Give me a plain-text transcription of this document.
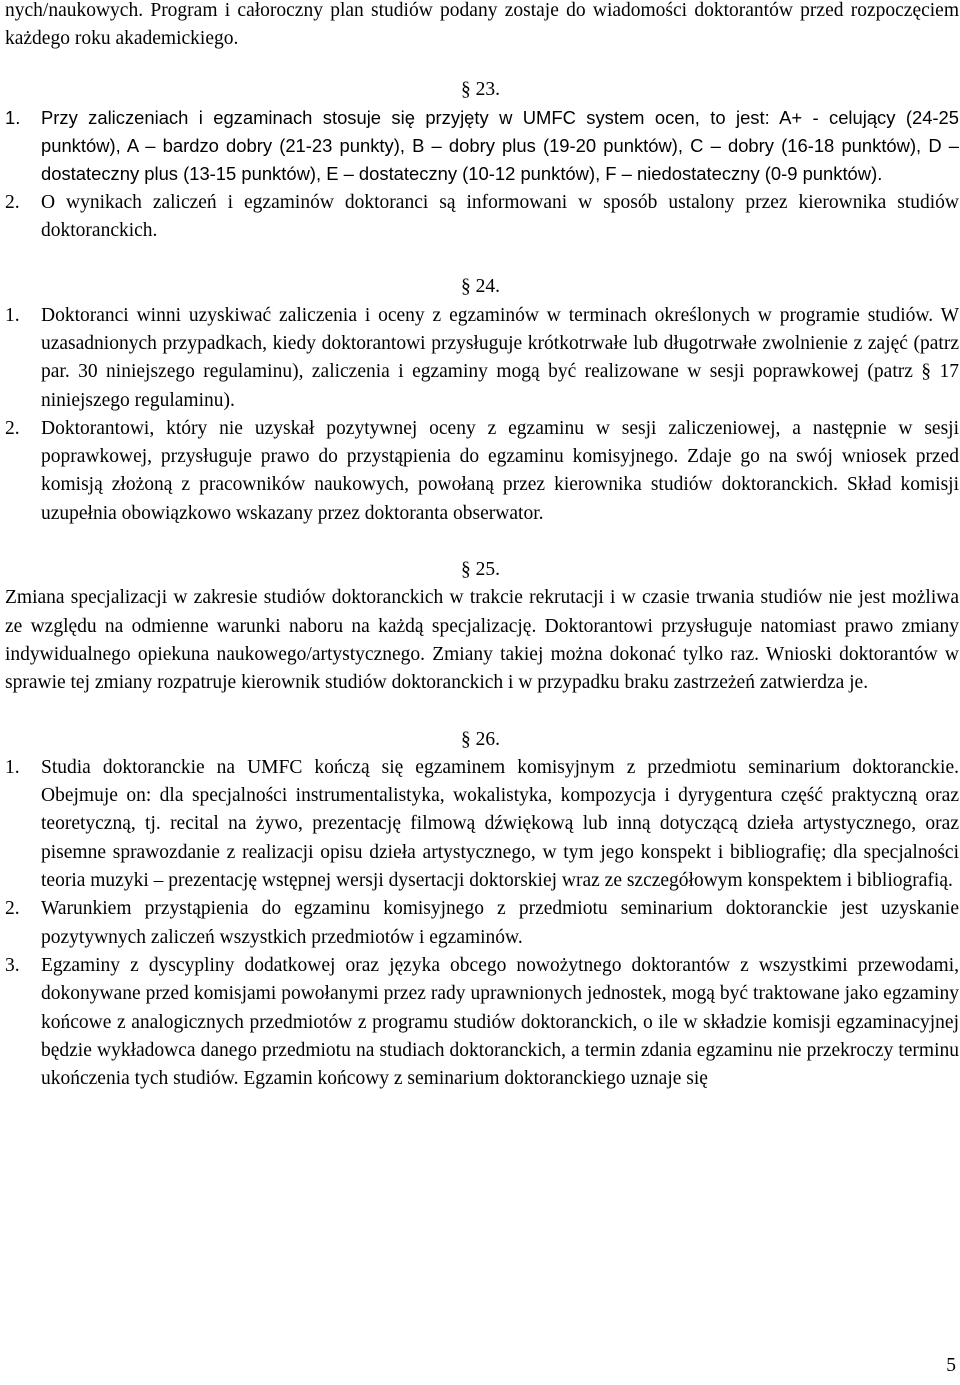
nych/naukowych. Program i całoroczny plan studiów podany zostaje do wiadomości doktorantów przed rozpoczęciem każdego roku akademickiego.

§ 23.

1. Przy zaliczeniach i egzaminach stosuje się przyjęty w UMFC system ocen, to jest: A+ - celujący (24-25 punktów), A – bardzo dobry (21-23 punkty), B – dobry plus (19-20 punktów), C – dobry (16-18 punktów), D – dostateczny plus (13-15 punktów), E – dostateczny (10-12 punktów), F – niedostateczny (0-9 punktów).
2. O wynikach zaliczeń i egzaminów doktoranci są informowani w sposób ustalony przez kierownika studiów doktoranckich.

§ 24.

1. Doktoranci winni uzyskiwać zaliczenia i oceny z egzaminów w terminach określonych w programie studiów. W uzasadnionych przypadkach, kiedy doktorantowi przysługuje krótkotrwałe lub długotrwałe zwolnienie z zajęć (patrz par. 30 niniejszego regulaminu), zaliczenia i egzaminy mogą być realizowane w sesji poprawkowej (patrz § 17 niniejszego regulaminu).
2. Doktorantowi, który nie uzyskał pozytywnej oceny z egzaminu w sesji zaliczeniowej, a następnie w sesji poprawkowej, przysługuje prawo do przystąpienia do egzaminu komisyjnego. Zdaje go na swój wniosek przed komisją złożoną z pracowników naukowych, powołaną przez kierownika studiów doktoranckich. Skład komisji uzupełnia obowiązkowo wskazany przez doktoranta obserwator.

§ 25.

Zmiana specjalizacji w zakresie studiów doktoranckich w trakcie rekrutacji i w czasie trwania studiów nie jest możliwa ze względu na odmienne warunki naboru na każdą specjalizację. Doktorantowi przysługuje natomiast prawo zmiany indywidualnego opiekuna naukowego/artystycznego. Zmiany takiej można dokonać tylko raz. Wnioski doktorantów w sprawie tej zmiany rozpatruje kierownik studiów doktoranckich i w przypadku braku zastrzeżeń zatwierdza je.

§ 26.

1. Studia doktoranckie na UMFC kończą się egzaminem komisyjnym z przedmiotu seminarium doktoranckie. Obejmuje on: dla specjalności instrumentalistyka, wokalistyka, kompozycja i dyrygentura część praktyczną oraz teoretyczną, tj. recital na żywo, prezentację filmową dźwiękową lub inną dotyczącą dzieła artystycznego, oraz pisemne sprawozdanie z realizacji opisu dzieła artystycznego, w tym jego konspekt i bibliografię; dla specjalności teoria muzyki – prezentację wstępnej wersji dysertacji doktorskiej wraz ze szczegółowym konspektem i bibliografią.
2. Warunkiem przystąpienia do egzaminu komisyjnego z przedmiotu seminarium doktoranckie jest uzyskanie pozytywnych zaliczeń wszystkich przedmiotów i egzaminów.
3. Egzaminy z dyscypliny dodatkowej oraz języka obcego nowożytnego doktorantów z wszystkimi przewodami, dokonywane przed komisjami powołanymi przez rady uprawnionych jednostek, mogą być traktowane jako egzaminy końcowe z analogicznych przedmiotów z programu studiów doktoranckich, o ile w składzie komisji egzaminacyjnej będzie wykładowca danego przedmiotu na studiach doktoranckich, a termin zdania egzaminu nie przekroczy terminu ukończenia tych studiów. Egzamin końcowy z seminarium doktoranckiego uznaje się
5
